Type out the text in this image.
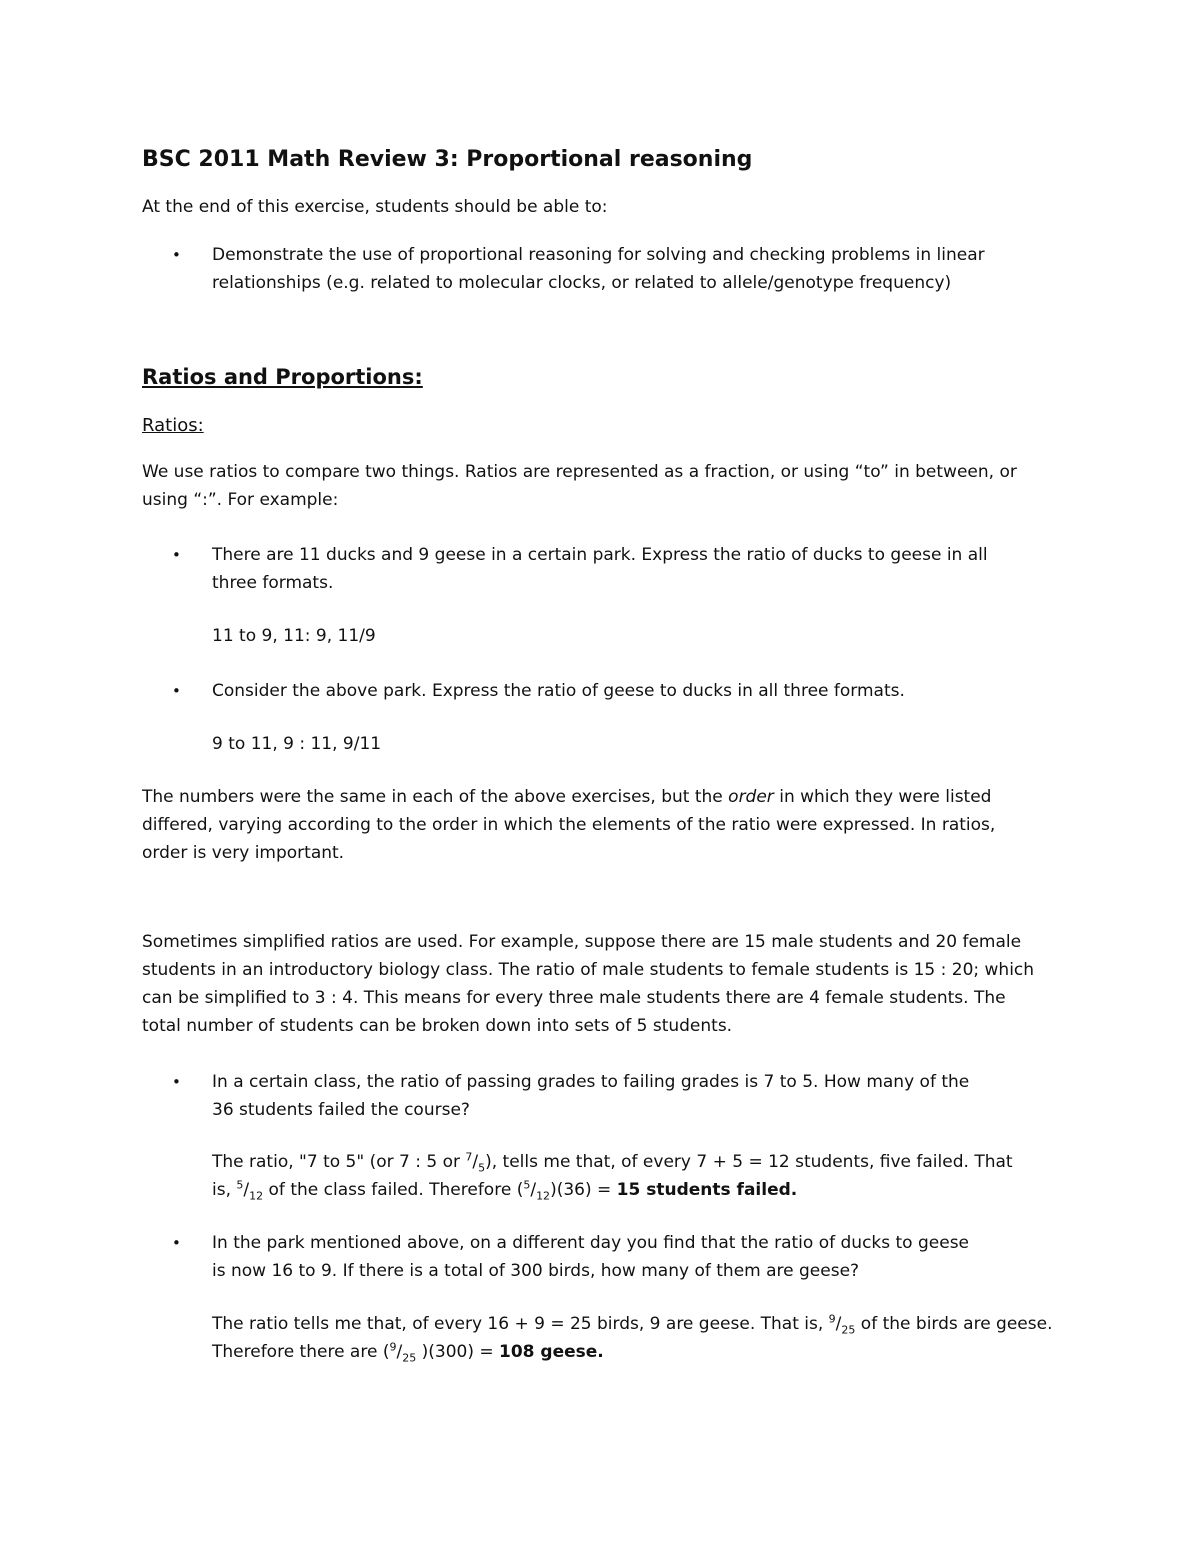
BSC 2011 Math Review 3: Proportional reasoning

At the end of this exercise, students should be able to:

• Demonstrate the use of proportional reasoning for solving and checking problems in linear
relationships (e.g. related to molecular clocks, or related to allele/genotype frequency)

Ratios and Proportions:
Ratios:

We use ratios to compare two things. Ratios are represented as a fraction, or using “to” in between, or
using “:”. For example:

• There are 11 ducks and 9 geese in a certain park. Express the ratio of ducks to geese in all
three formats.

11 to 9, 11: 9, 11/9

• Consider the above park. Express the ratio of geese to ducks in all three formats.

9 to 11, 9 : 11, 9/11

The numbers were the same in each of the above exercises, but the order in which they were listed
differed, varying according to the order in which the elements of the ratio were expressed. In ratios,
order is very important.

Sometimes simplified ratios are used. For example, suppose there are 15 male students and 20 female
students in an introductory biology class. The ratio of male students to female students is 15 : 20; which
can be simplified to 3 : 4. This means for every three male students there are 4 female students. The
total number of students can be broken down into sets of 5 students.

• In a certain class, the ratio of passing grades to failing grades is 7 to 5. How many of the
36 students failed the course?

The ratio, "7 to 5" (or 7 : 5 or $^7/_5$), tells me that, of every 7 + 5 = 12 students, five failed. That
is, $^5/_{12}$ of the class failed. Therefore $(^5/_{12})(36) = 15$ students failed.

• In the park mentioned above, on a different day you find that the ratio of ducks to geese
is now 16 to 9. If there is a total of 300 birds, how many of them are geese?

The ratio tells me that, of every 16 + 9 = 25 birds, 9 are geese. That is, $^9/_{25}$ of the birds are geese.
Therefore there are ($^9/_{25}$ )(300) = 108 geese.
